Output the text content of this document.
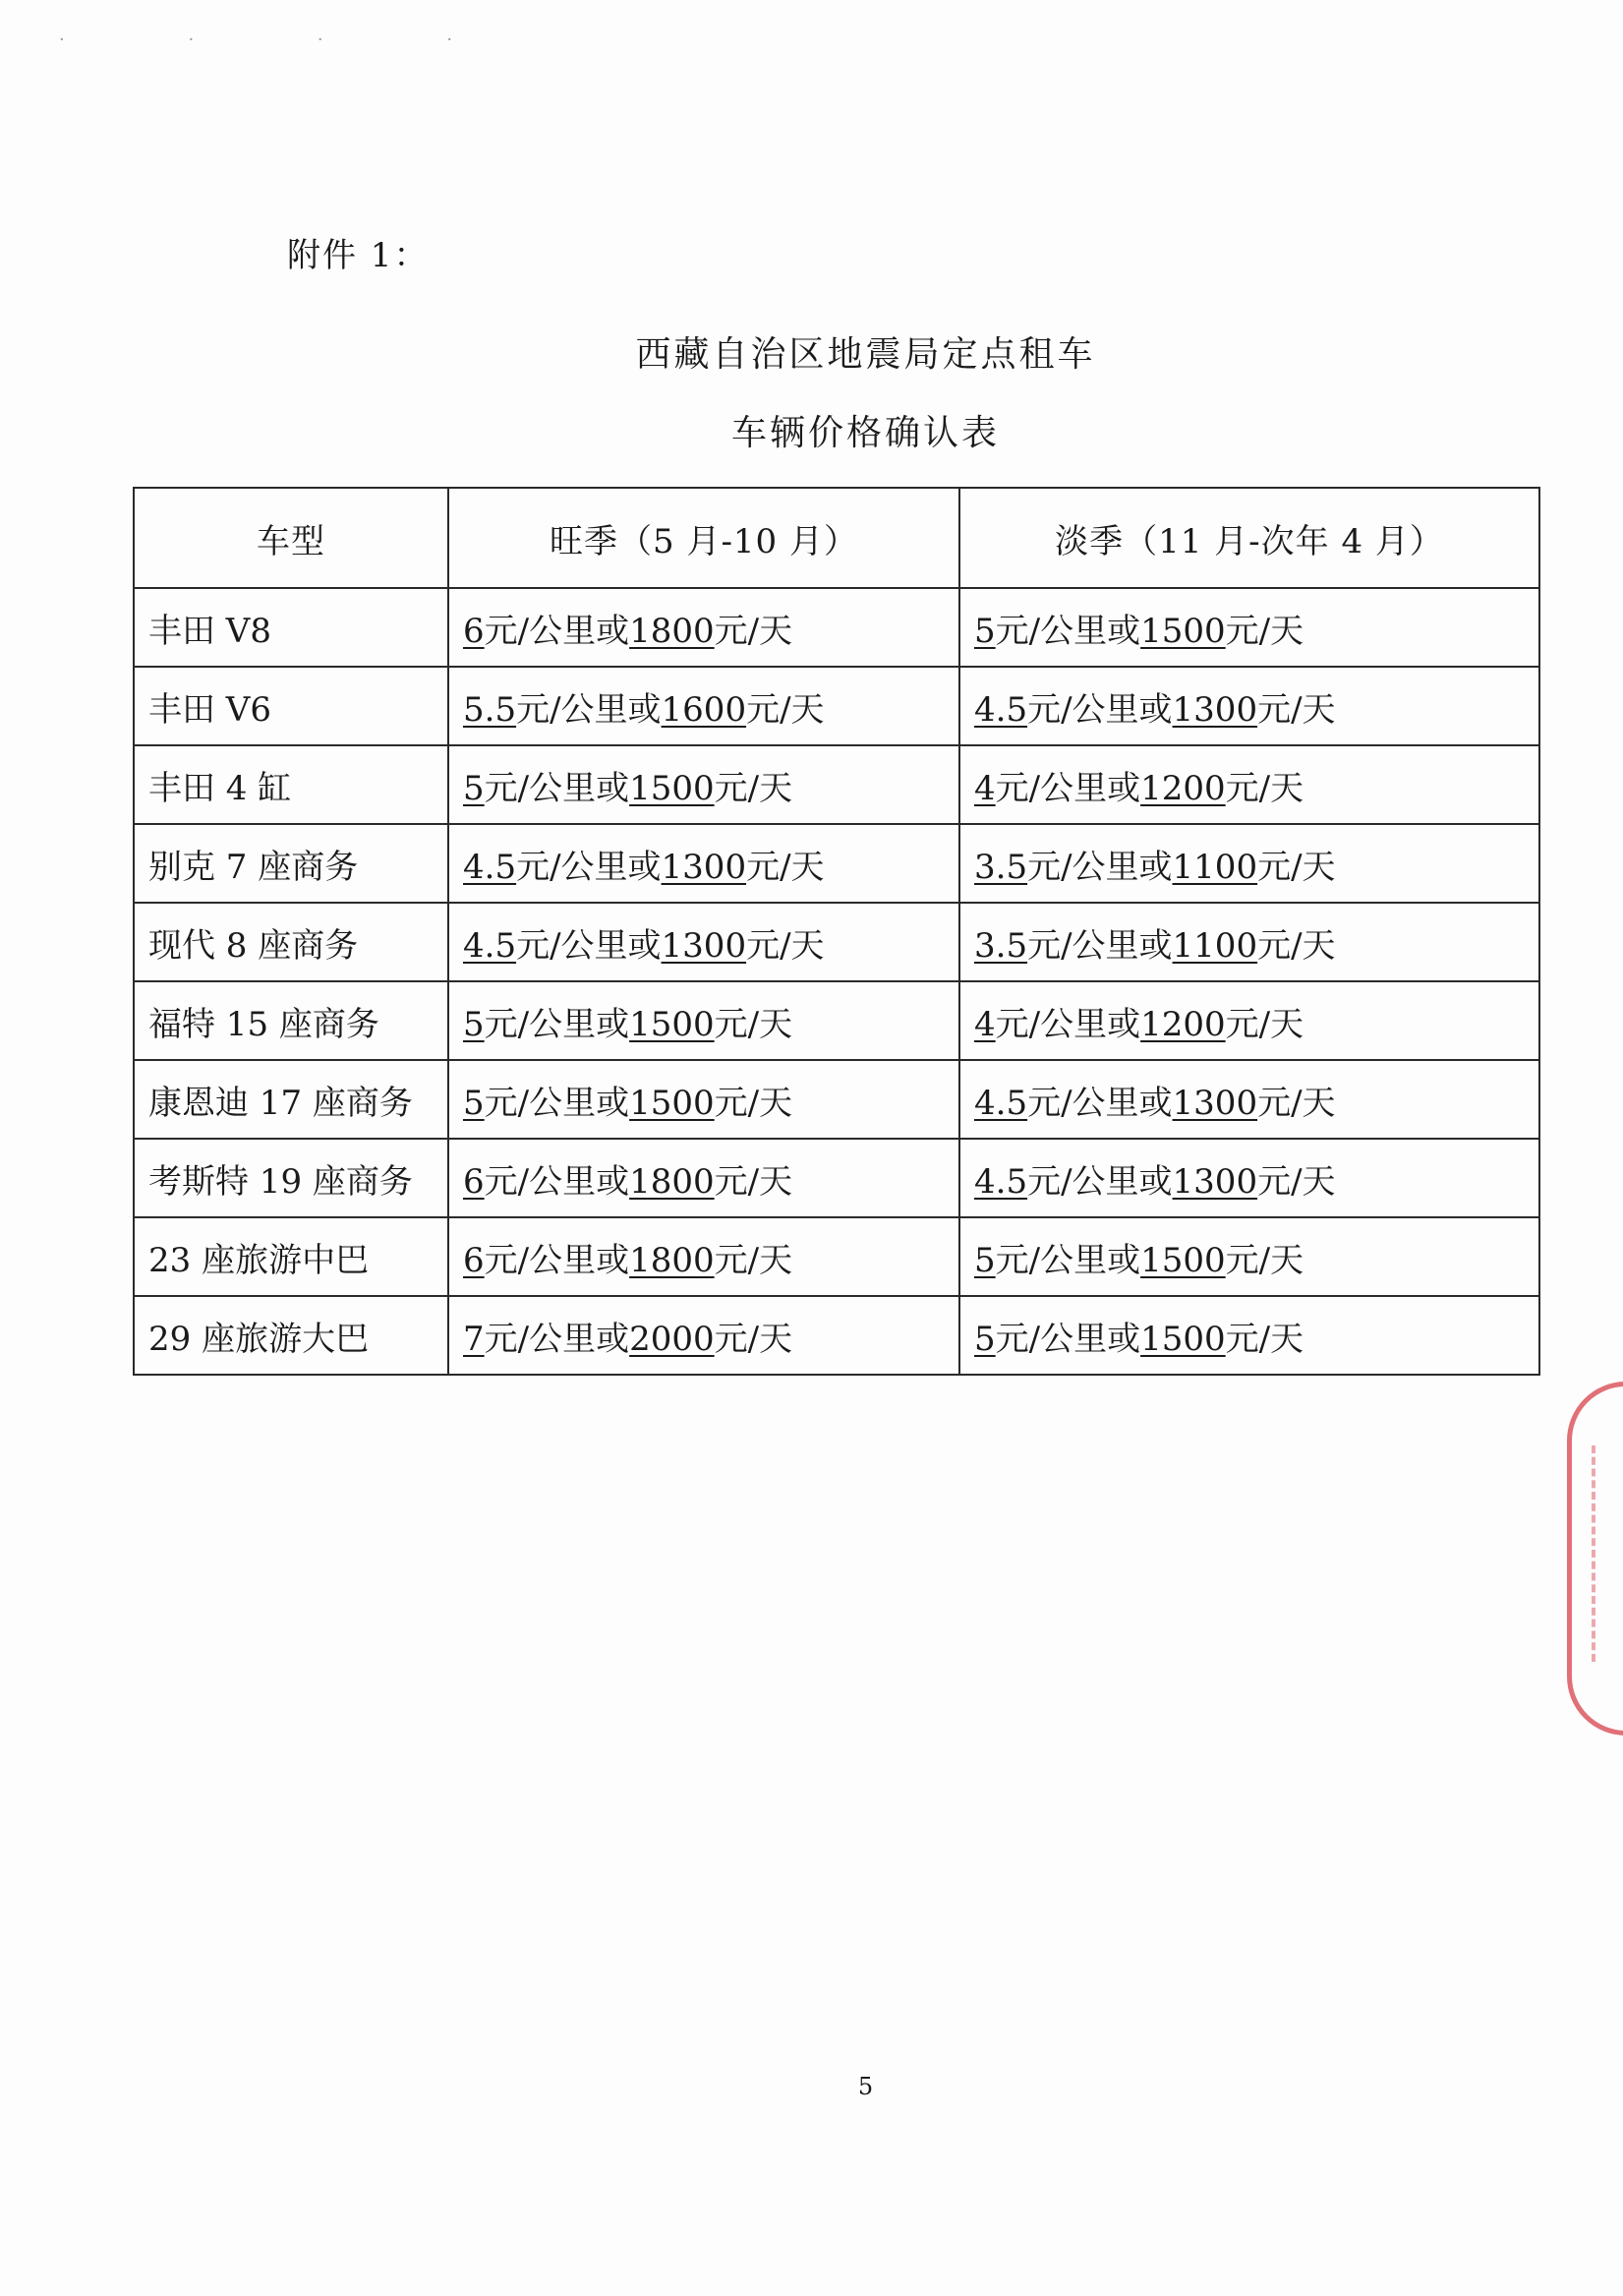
· · · ·
附件 1：
西藏自治区地震局定点租车
车辆价格确认表
车型	旺季（5 月-10 月）	淡季（11 月-次年 4 月）
丰田 V8	6元/公里或1800元/天	5元/公里或1500元/天
丰田 V6	5.5元/公里或1600元/天	4.5元/公里或1300元/天
丰田 4 缸	5元/公里或1500元/天	4元/公里或1200元/天
别克 7 座商务	4.5元/公里或1300元/天	3.5元/公里或1100元/天
现代 8 座商务	4.5元/公里或1300元/天	3.5元/公里或1100元/天
福特 15 座商务	5元/公里或1500元/天	4元/公里或1200元/天
康恩迪 17 座商务	5元/公里或1500元/天	4.5元/公里或1300元/天
考斯特 19 座商务	6元/公里或1800元/天	4.5元/公里或1300元/天
23 座旅游中巴	6元/公里或1800元/天	5元/公里或1500元/天
29 座旅游大巴	7元/公里或2000元/天	5元/公里或1500元/天
5
